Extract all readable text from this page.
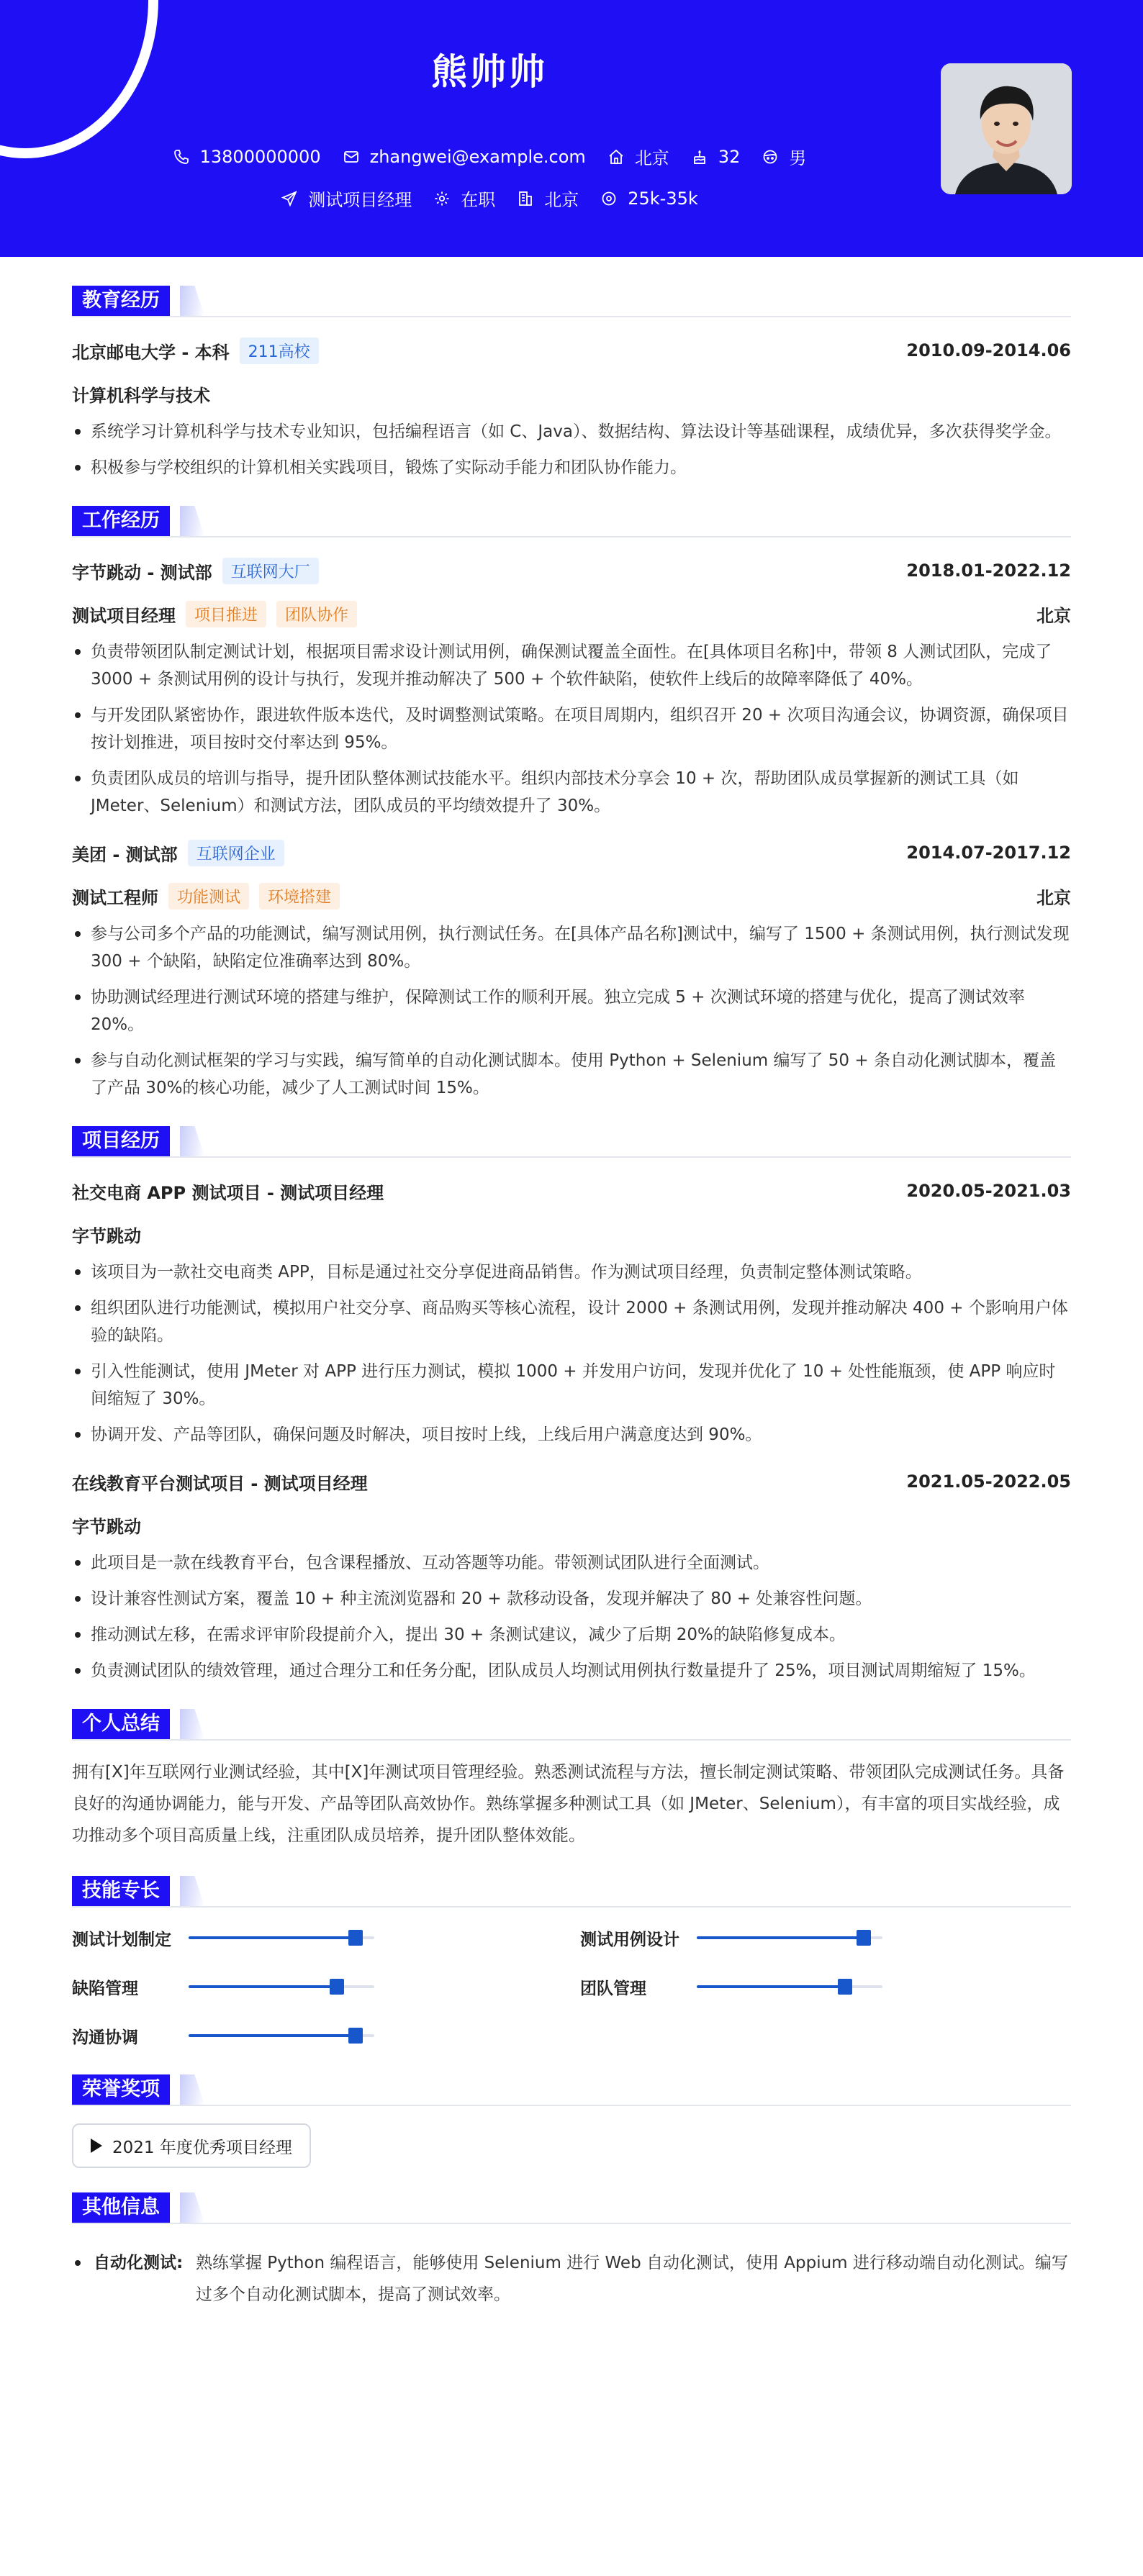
熊帅帅
13800000000	zhangwei@example.com	北京	32	男
测试项目经理	在职	北京	25k-35k
教育经历
北京邮电大学 - 本科	211高校	2010.09-2014.06
计算机科学与技术
系统学习计算机科学与技术专业知识，包括编程语言（如 C、Java）、数据结构、算法设计等基础课程，成绩优异，多次获得奖学金。
积极参与学校组织的计算机相关实践项目，锻炼了实际动手能力和团队协作能力。
工作经历
字节跳动 - 测试部	互联网大厂	2018.01-2022.12
测试项目经理	项目推进	团队协作	北京
负责带领团队制定测试计划，根据项目需求设计测试用例，确保测试覆盖全面性。在[具体项目名称]中，带领 8 人测试团队，完成了 3000 + 条测试用例的设计与执行，发现并推动解决了 500 + 个软件缺陷，使软件上线后的故障率降低了 40%。
与开发团队紧密协作，跟进软件版本迭代，及时调整测试策略。在项目周期内，组织召开 20 + 次项目沟通会议，协调资源，确保项目按计划推进，项目按时交付率达到 95%。
负责团队成员的培训与指导，提升团队整体测试技能水平。组织内部技术分享会 10 + 次，帮助团队成员掌握新的测试工具（如 JMeter、Selenium）和测试方法，团队成员的平均绩效提升了 30%。
美团 - 测试部	互联网企业	2014.07-2017.12
测试工程师	功能测试	环境搭建	北京
参与公司多个产品的功能测试，编写测试用例，执行测试任务。在[具体产品名称]测试中，编写了 1500 + 条测试用例，执行测试发现 300 + 个缺陷，缺陷定位准确率达到 80%。
协助测试经理进行测试环境的搭建与维护，保障测试工作的顺利开展。独立完成 5 + 次测试环境的搭建与优化，提高了测试效率 20%。
参与自动化测试框架的学习与实践，编写简单的自动化测试脚本。使用 Python + Selenium 编写了 50 + 条自动化测试脚本，覆盖了产品 30%的核心功能，减少了人工测试时间 15%。
项目经历
社交电商 APP 测试项目 - 测试项目经理	2020.05-2021.03
字节跳动
该项目为一款社交电商类 APP，目标是通过社交分享促进商品销售。作为测试项目经理，负责制定整体测试策略。
组织团队进行功能测试，模拟用户社交分享、商品购买等核心流程，设计 2000 + 条测试用例，发现并推动解决 400 + 个影响用户体验的缺陷。
引入性能测试，使用 JMeter 对 APP 进行压力测试，模拟 1000 + 并发用户访问，发现并优化了 10 + 处性能瓶颈，使 APP 响应时间缩短了 30%。
协调开发、产品等团队，确保问题及时解决，项目按时上线，上线后用户满意度达到 90%。
在线教育平台测试项目 - 测试项目经理	2021.05-2022.05
字节跳动
此项目是一款在线教育平台，包含课程播放、互动答题等功能。带领测试团队进行全面测试。
设计兼容性测试方案，覆盖 10 + 种主流浏览器和 20 + 款移动设备，发现并解决了 80 + 处兼容性问题。
推动测试左移，在需求评审阶段提前介入，提出 30 + 条测试建议，减少了后期 20%的缺陷修复成本。
负责测试团队的绩效管理，通过合理分工和任务分配，团队成员人均测试用例执行数量提升了 25%，项目测试周期缩短了 15%。
个人总结
拥有[X]年互联网行业测试经验，其中[X]年测试项目管理经验。熟悉测试流程与方法，擅长制定测试策略、带领团队完成测试任务。具备良好的沟通协调能力，能与开发、产品等团队高效协作。熟练掌握多种测试工具（如 JMeter、Selenium），有丰富的项目实战经验，成功推动多个项目高质量上线，注重团队成员培养，提升团队整体效能。
技能专长
测试计划制定	测试用例设计
缺陷管理	团队管理
沟通协调
荣誉奖项
2021 年度优秀项目经理
其他信息
自动化测试: 熟练掌握 Python 编程语言，能够使用 Selenium 进行 Web 自动化测试，使用 Appium 进行移动端自动化测试。编写过多个自动化测试脚本，提高了测试效率。
